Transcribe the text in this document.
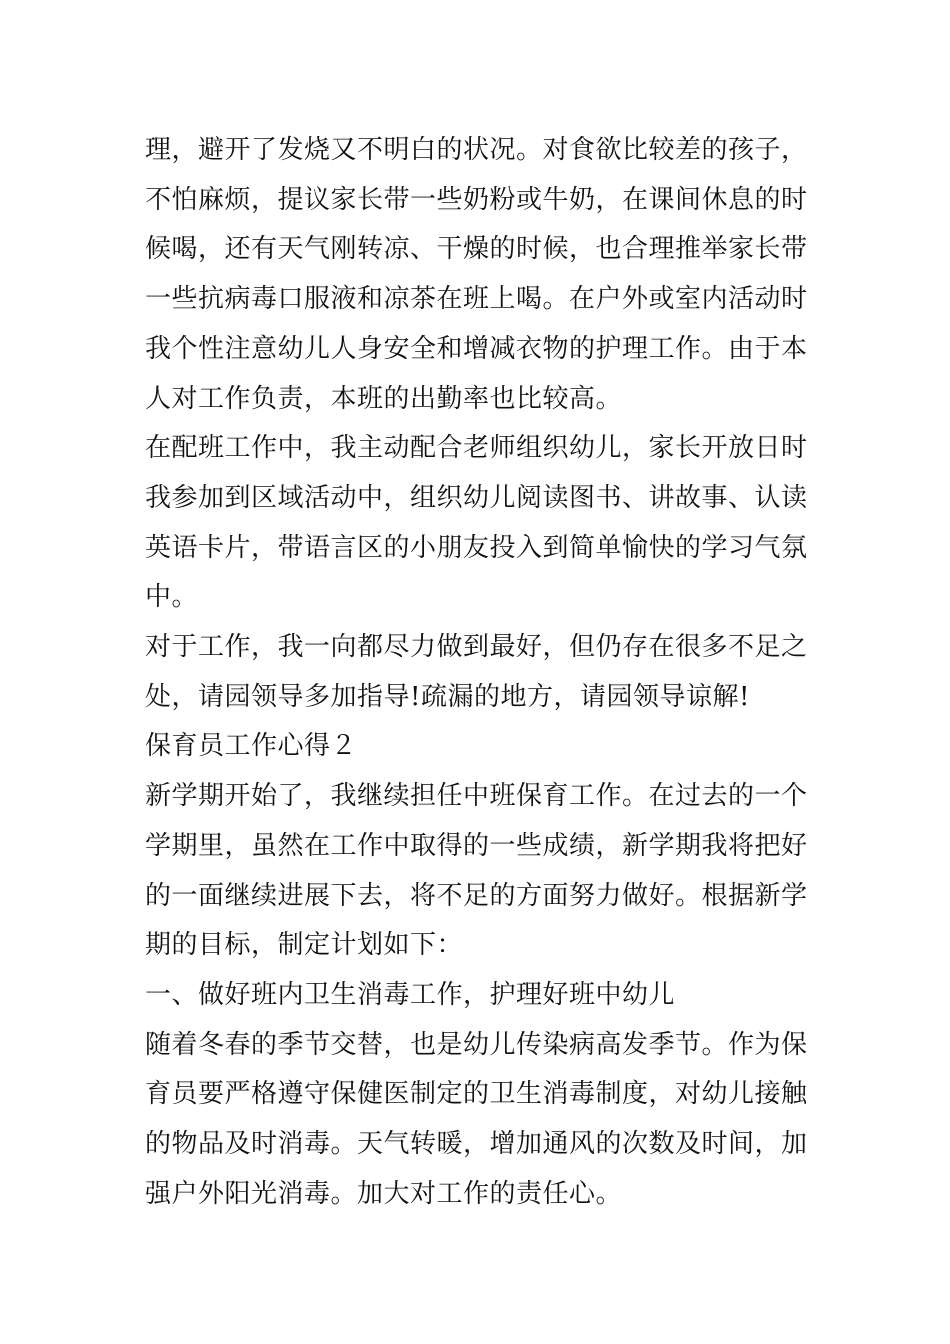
理，避开了发烧又不明白的状况。对食欲比较差的孩子，
不怕麻烦，提议家长带一些奶粉或牛奶，在课间休息的时
候喝，还有天气刚转凉、干燥的时候，也合理推举家长带
一些抗病毒口服液和凉茶在班上喝。在户外或室内活动时
我个性注意幼儿人身安全和增减衣物的护理工作。由于本
人对工作负责，本班的出勤率也比较高。

在配班工作中，我主动配合老师组织幼儿，家长开放日时
我参加到区域活动中，组织幼儿阅读图书、讲故事、认读
英语卡片，带语言区的小朋友投入到简单愉快的学习气氛
中。

对于工作，我一向都尽力做到最好，但仍存在很多不足之
处，请园领导多加指导!疏漏的地方，请园领导谅解!

保育员工作心得２

新学期开始了，我继续担任中班保育工作。在过去的一个
学期里，虽然在工作中取得的一些成绩，新学期我将把好
的一面继续进展下去，将不足的方面努力做好。根据新学
期的目标，制定计划如下：

一、做好班内卫生消毒工作，护理好班中幼儿

随着冬春的季节交替，也是幼儿传染病高发季节。作为保
育员要严格遵守保健医制定的卫生消毒制度，对幼儿接触
的物品及时消毒。天气转暖，增加通风的次数及时间，加
强户外阳光消毒。加大对工作的责任心。
